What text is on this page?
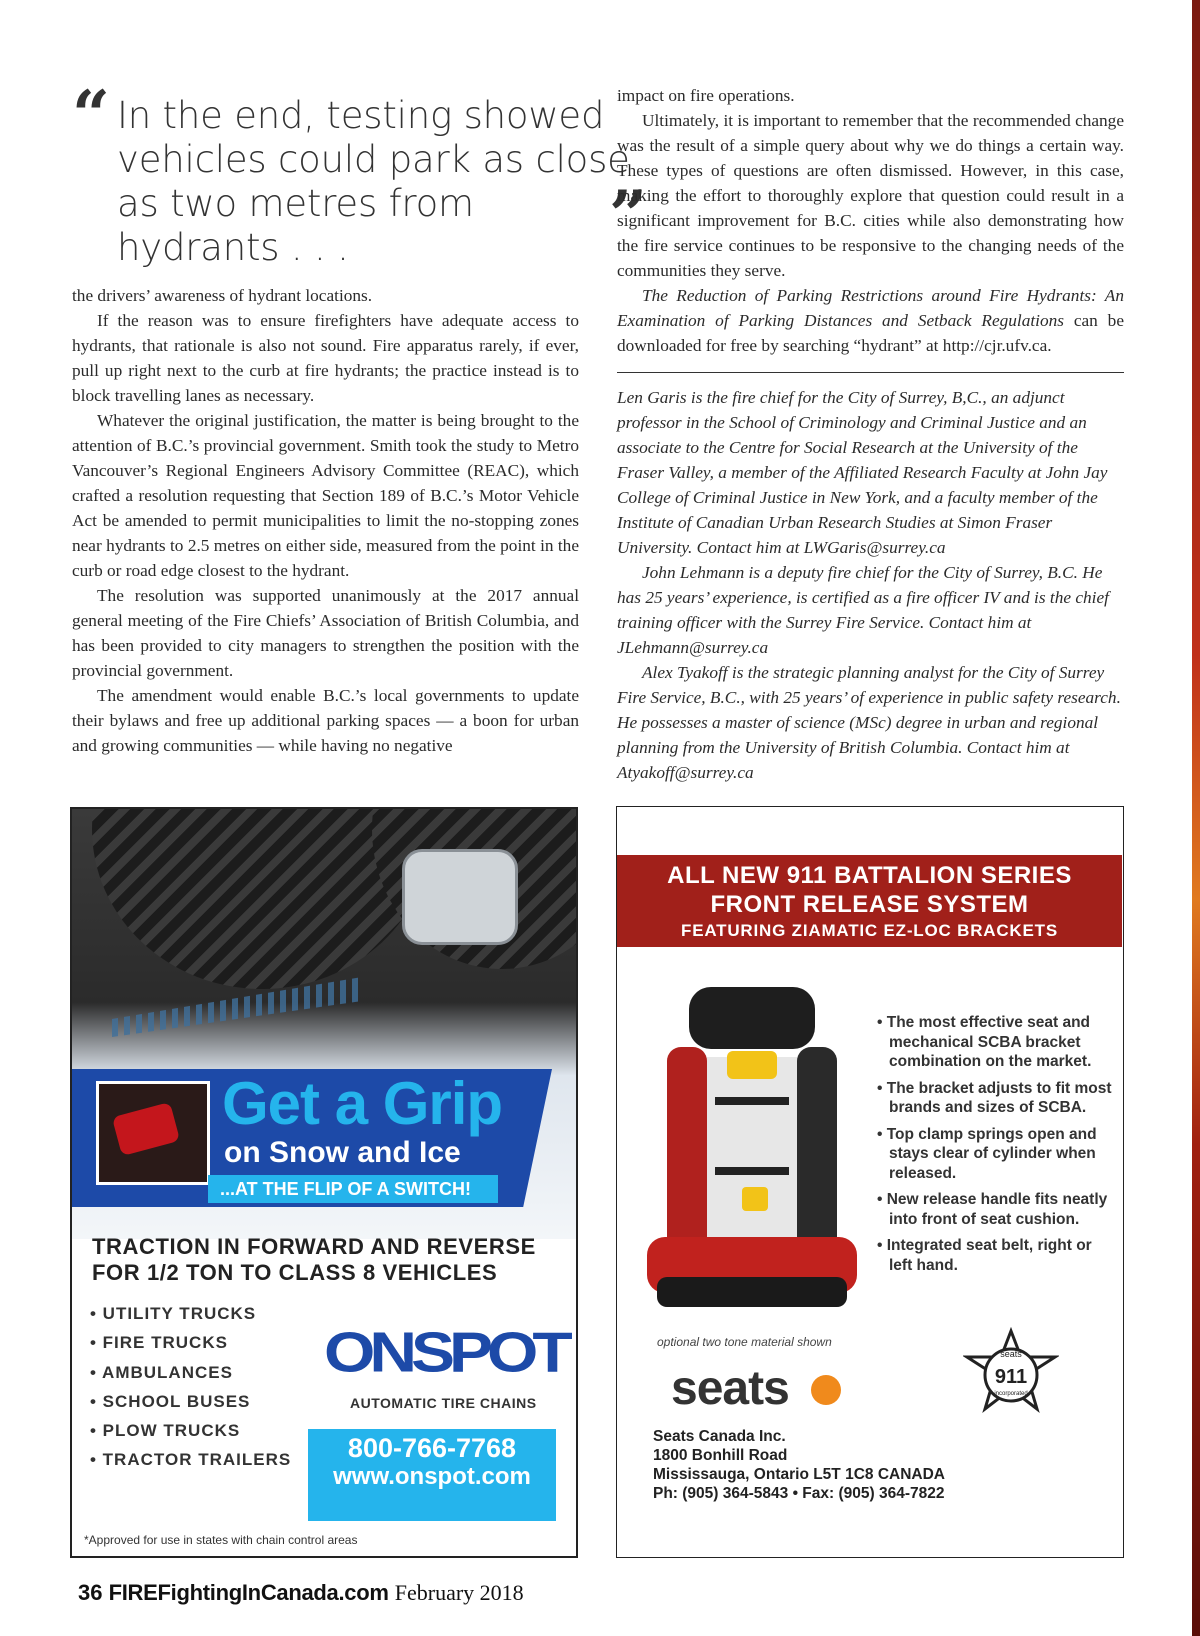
“ In the end, testing showed vehicles could park as close as two metres from hydrants . . .	”

the drivers’ awareness of hydrant locations.

If the reason was to ensure firefighters have adequate access to hydrants, that rationale is also not sound. Fire apparatus rarely, if ever, pull up right next to the curb at fire hydrants; the practice instead is to block travelling lanes as necessary.

Whatever the original justification, the matter is being brought to the attention of B.C.’s provincial government. Smith took the study to Metro Vancouver’s Regional Engineers Advisory Committee (REAC), which crafted a resolution requesting that Section 189 of B.C.’s Motor Vehicle Act be amended to permit municipalities to limit the no-stopping zones near hydrants to 2.5 metres on either side, measured from the point in the curb or road edge closest to the hydrant.

The resolution was supported unanimously at the 2017 annual general meeting of the Fire Chiefs’ Association of British Columbia, and has been provided to city managers to strengthen the position with the provincial government.

The amendment would enable B.C.’s local governments to update their bylaws and free up additional parking spaces — a boon for urban and growing communities — while having no negative

impact on fire operations.

Ultimately, it is important to remember that the recommended change was the result of a simple query about why we do things a certain way. These types of questions are often dismissed. However, in this case, making the effort to thoroughly explore that question could result in a significant improvement for B.C. cities while also demonstrating how the fire service continues to be responsive to the changing needs of the communities they serve.

The Reduction of Parking Restrictions around Fire Hydrants: An Examination of Parking Distances and Setback Regulations can be downloaded for free by searching “hydrant” at http://cjr.ufv.ca.

Len Garis is the fire chief for the City of Surrey, B,C., an adjunct professor in the School of Criminology and Criminal Justice and an associate to the Centre for Social Research at the University of the Fraser Valley, a member of the Affiliated Research Faculty at John Jay College of Criminal Justice in New York, and a faculty member of the Institute of Canadian Urban Research Studies at Simon Fraser University. Contact him at LWGaris@surrey.ca

John Lehmann is a deputy fire chief for the City of Surrey, B.C. He has 25 years’ experience, is certified as a fire officer IV and is the chief training officer with the Surrey Fire Service. Contact him at JLehmann@surrey.ca

Alex Tyakoff is the strategic planning analyst for the City of Surrey Fire Service, B.C., with 25 years’ of experience in public safety research. He possesses a master of science (MSc) degree in urban and regional planning from the University of British Columbia. Contact him at Atyakoff@surrey.ca

Get a Grip
on Snow and Ice
...AT THE FLIP OF A SWITCH!
TRACTION IN FORWARD AND REVERSE
FOR 1/2 TON TO CLASS 8 VEHICLES
• UTILITY TRUCKS
• FIRE TRUCKS
• AMBULANCES
• SCHOOL BUSES
• PLOW TRUCKS
• TRACTOR TRAILERS
ONSPOT
AUTOMATIC TIRE CHAINS
800-766-7768
www.onspot.com
*Approved for use in states with chain control areas
ALL NEW 911 BATTALION SERIES
FRONT RELEASE SYSTEM
FEATURING ZIAMATIC EZ-LOC BRACKETS
• The most effective seat and mechanical SCBA bracket combination on the market.
• The bracket adjusts to fit most brands and sizes of SCBA.
• Top clamp springs open and stays clear of cylinder when released.
• New release handle fits neatly into front of seat cushion.
• Integrated seat belt, right or left hand.
optional two tone material shown
seats
seats
911
incorporated
Seats Canada Inc.
1800 Bonhill Road
Mississauga, Ontario L5T 1C8 CANADA
Ph: (905) 364-5843 • Fax: (905) 364-7822
36 FIREFightingInCanada.com February 2018
